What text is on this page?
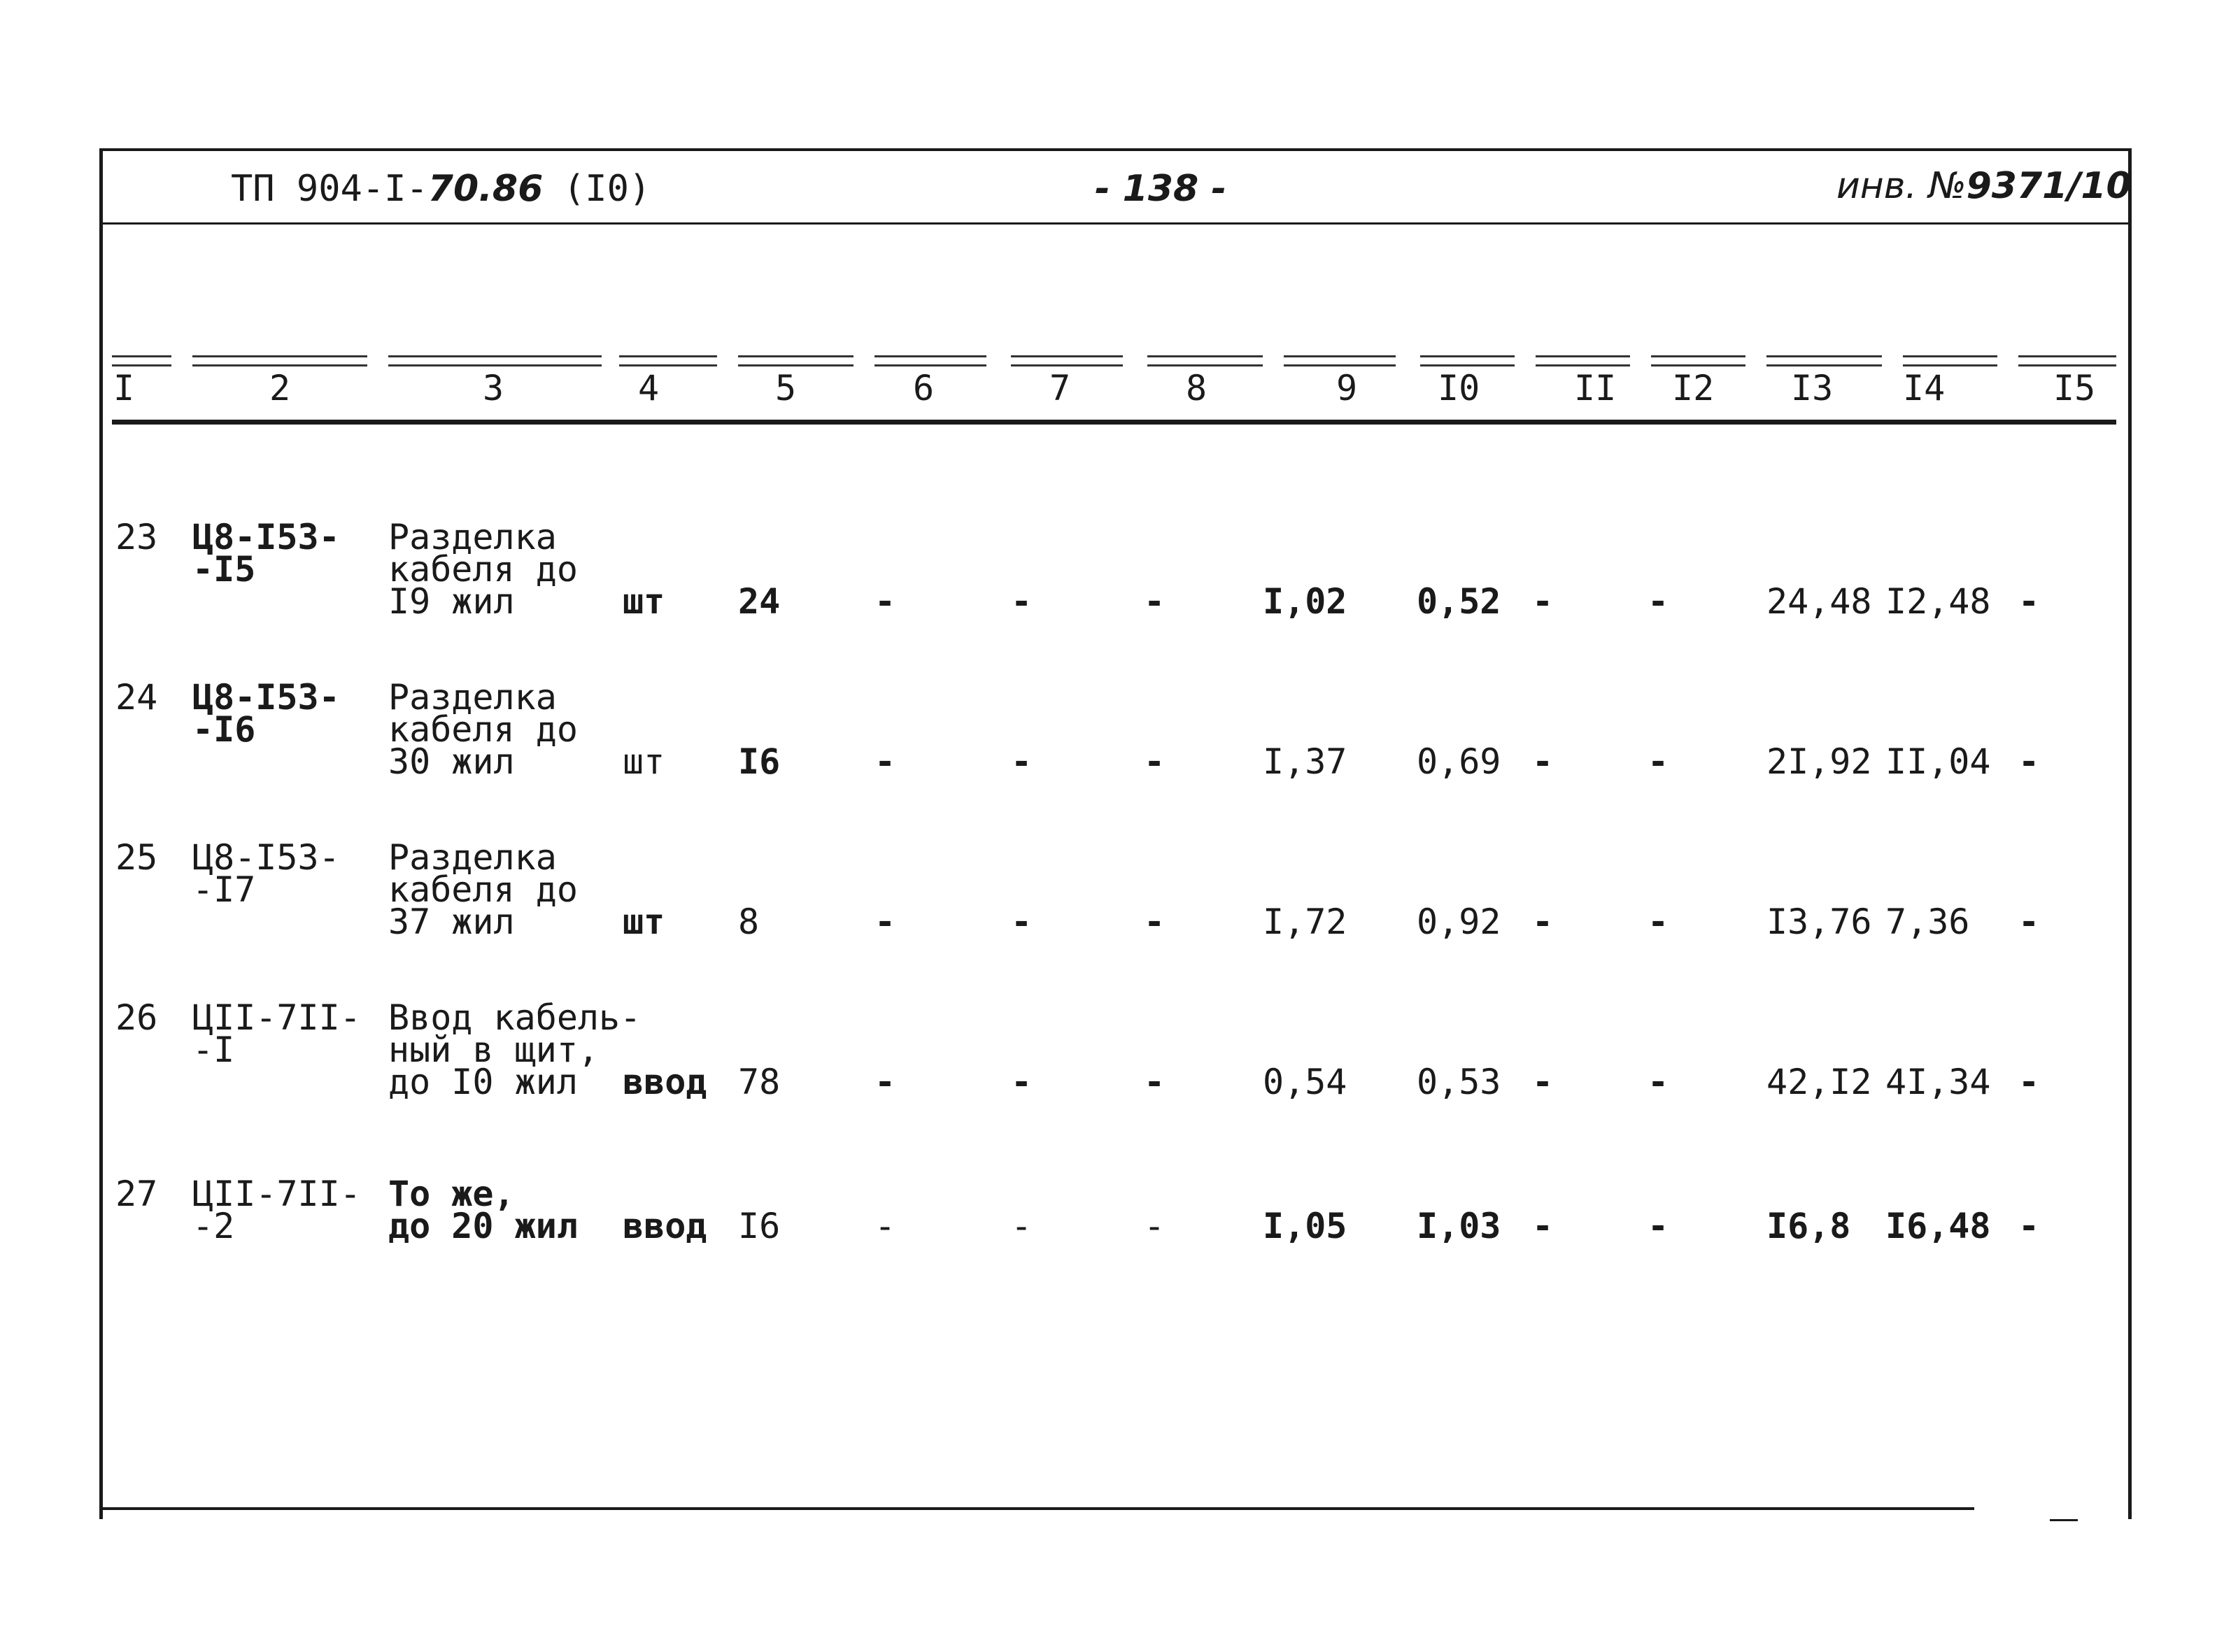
ТП 904-I-70.86 (I0)	- 138 -	инв. №9371/10
I	2	3	4	5	6	7	8	9 I0	II I2 I3 I4	I5
23 Ц8-I53-
-I5
Разделка
кабеля до
I9 жил	шт 24	-	-	-	I,02 0,52 -	-	24,48 I2,48 -
24 Ц8-I53-
-I6
Разделка
кабеля до
30 жил	шт I6	-	-	-	I,37 0,69 -	-	2I,92 II,04 -
25 Ц8-I53-
-I7
Разделка
кабеля до
37 жил	шт 8	-	-	-	I,72 0,92 -	-	I3,76 7,36 -
26 ЦII-7II-
-I
Ввод кабель-
ный в щит,
до I0 жил	ввод 78	-	-	-	0,54 0,53 -	-	42,I2 4I,34 -
27 ЦII-7II-
-2
То же,
до 20 жил ввод I6	-	-	-	I,05 I,03 -	-	I6,8 I6,48 -
